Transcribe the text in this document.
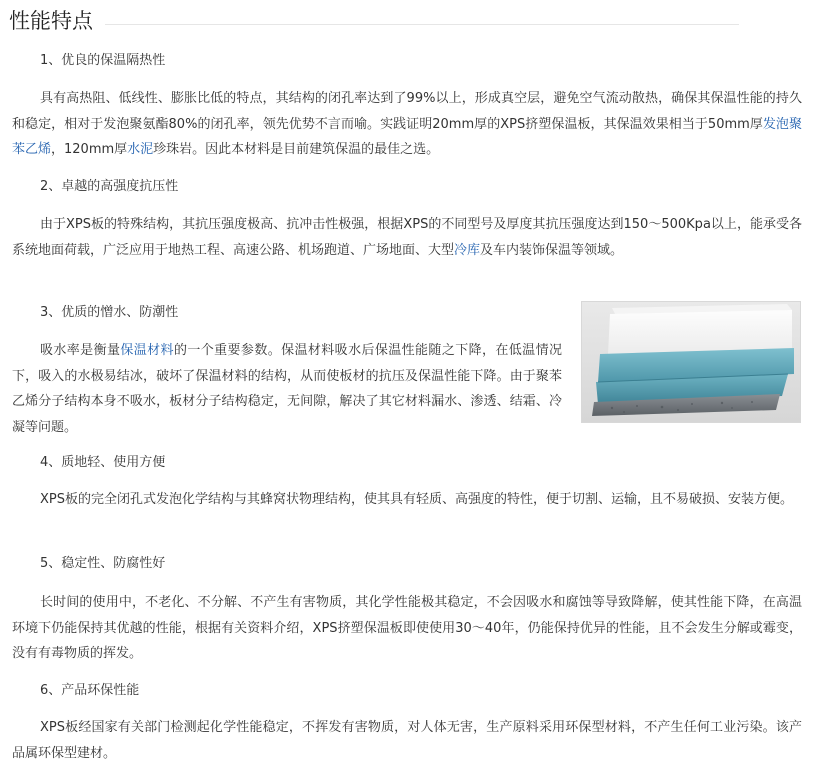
性能特点
1、优良的保温隔热性

具有高热阻、低线性、膨胀比低的特点，其结构的闭孔率达到了99%以上，形成真空层，避免空气流动散热，确保其保温性能的持久和稳定，相对于发泡聚氨酯80%的闭孔率，领先优势不言而喻。实践证明20mm厚的XPS挤塑保温板，其保温效果相当于50mm厚发泡聚苯乙烯，120mm厚水泥珍珠岩。因此本材料是目前建筑保温的最佳之选。

2、卓越的高强度抗压性

由于XPS板的特殊结构，其抗压强度极高、抗冲击性极强，根据XPS的不同型号及厚度其抗压强度达到150～500Kpa以上，能承受各系统地面荷载，广泛应用于地热工程、高速公路、机场跑道、广场地面、大型冷库及车内装饰保温等领域。

3、优质的憎水、防潮性

吸水率是衡量保温材料的一个重要参数。保温材料吸水后保温性能随之下降，在低温情况下，吸入的水极易结冰，破坏了保温材料的结构，从而使板材的抗压及保温性能下降。由于聚苯乙烯分子结构本身不吸水，板材分子结构稳定，无间隙，解决了其它材料漏水、渗透、结霜、冷凝等问题。

4、质地轻、使用方便

XPS板的完全闭孔式发泡化学结构与其蜂窝状物理结构，使其具有轻质、高强度的特性，便于切割、运输，且不易破损、安装方便。

5、稳定性、防腐性好

长时间的使用中，不老化、不分解、不产生有害物质，其化学性能极其稳定，不会因吸水和腐蚀等导致降解，使其性能下降，在高温环境下仍能保持其优越的性能，根据有关资料介绍，XPS挤塑保温板即使使用30～40年，仍能保持优异的性能，且不会发生分解或霉变，没有有毒物质的挥发。

6、产品环保性能

XPS板经国家有关部门检测起化学性能稳定，不挥发有害物质，对人体无害，生产原料采用环保型材料，不产生任何工业污染。该产品属环保型建材。
